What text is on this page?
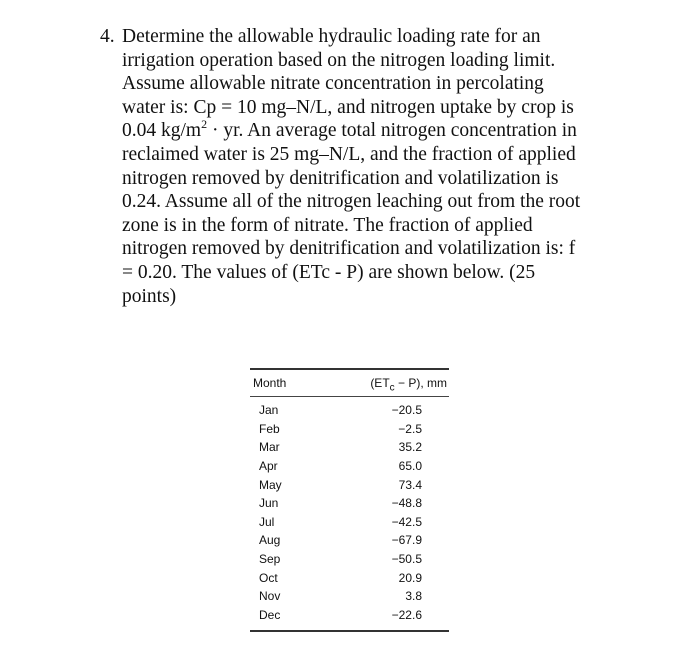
4. Determine the allowable hydraulic loading rate for an
irrigation operation based on the nitrogen loading limit.
Assume allowable nitrate concentration in percolating
water is: Cp = 10 mg–N/L, and nitrogen uptake by crop is
0.04 $kg/m^2$ · yr. An average total nitrogen concentration in
reclaimed water is 25 mg–N/L, and the fraction of applied
nitrogen removed by denitrification and volatilization is
0.24. Assume all of the nitrogen leaching out from the root
zone is in the form of nitrate. The fraction of applied
nitrogen removed by denitrification and volatilization is: f
= 0.20. The values of (ETc - P) are shown below. (25
points)
Month	$(ET_c - P)$, mm
Jan	−20.5
Feb	−2.5
Mar	35.2
Apr	65.0
May	73.4
Jun	−48.8
Jul	−42.5
Aug	−67.9
Sep	−50.5
Oct	20.9
Nov	3.8
Dec	−22.6
